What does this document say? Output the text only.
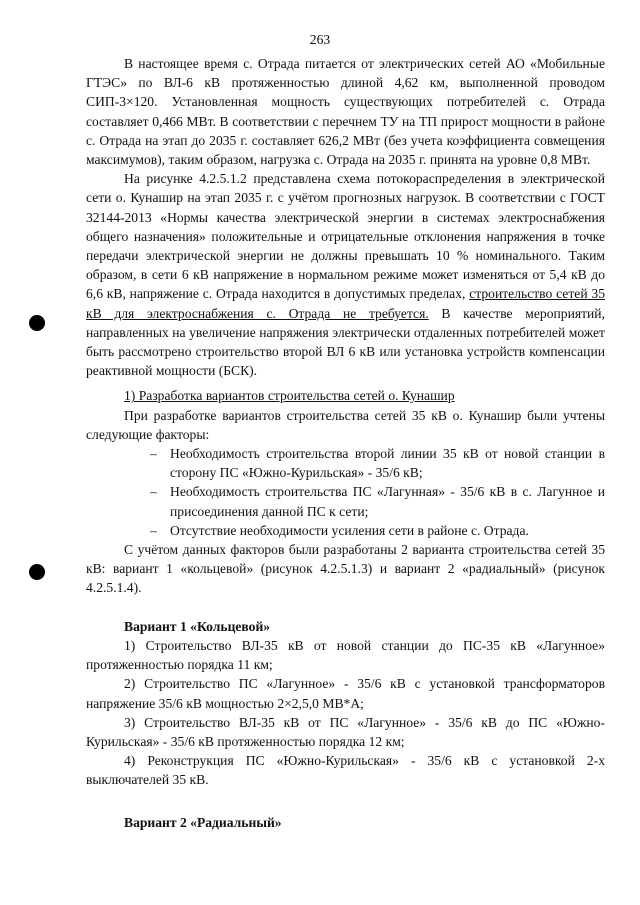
263

В настоящее время с. Отрада питается от электрических сетей АО «Мобильные ГТЭС» по ВЛ-6 кВ протяженностью длиной 4,62 км, выполненной проводом СИП-3×120. Установленная мощность существующих потребителей с. Отрада составляет 0,466 МВт. В соответствии с перечнем ТУ на ТП прирост мощности в районе с. Отрада на этап до 2035 г. составляет 626,2 МВт (без учета коэффициента совмещения максимумов), таким образом, нагрузка с. Отрада на 2035 г. принята на уровне 0,8 МВт.

На рисунке 4.2.5.1.2 представлена схема потокораспределения в электрической сети о. Кунашир на этап 2035 г. с учётом прогнозных нагрузок. В соответствии с ГОСТ 32144-2013 «Нормы качества электрической энергии в системах электроснабжения общего назначения» положительные и отрицательные отклонения напряжения в точке передачи электрической энергии не должны превышать 10 % номинального. Таким образом, в сети 6 кВ напряжение в нормальном режиме может изменяться от 5,4 кВ до 6,6 кВ, напряжение с. Отрада находится в допустимых пределах, строительство сетей 35 кВ для электроснабжения с. Отрада не требуется. В качестве мероприятий, направленных на увеличение напряжения электрически отдаленных потребителей может быть рассмотрено строительство второй ВЛ 6 кВ или установка устройств компенсации реактивной мощности (БСК).

1) Разработка вариантов строительства сетей о. Кунашир

При разработке вариантов строительства сетей 35 кВ о. Кунашир были учтены следующие факторы:

– Необходимость строительства второй линии 35 кВ от новой станции в сторону ПС «Южно-Курильская» - 35/6 кВ;
– Необходимость строительства ПС «Лагунная» - 35/6 кВ в с. Лагунное и присоединения данной ПС к сети;
– Отсутствие необходимости усиления сети в районе с. Отрада.

С учётом данных факторов были разработаны 2 варианта строительства сетей 35 кВ: вариант 1 «кольцевой» (рисунок 4.2.5.1.3) и вариант 2 «радиальный» (рисунок 4.2.5.1.4).

Вариант 1 «Кольцевой»

1) Строительство ВЛ-35 кВ от новой станции до ПС-35 кВ «Лагунное» протяженностью порядка 11 км;

2) Строительство ПС «Лагунное» - 35/6 кВ с установкой трансформаторов напряжение 35/6 кВ мощностью 2×2,5,0 МВ*А;

3) Строительство ВЛ-35 кВ от ПС «Лагунное» - 35/6 кВ до ПС «Южно-Курильская» - 35/6 кВ протяженностью порядка 12 км;

4) Реконструкция ПС «Южно-Курильская» - 35/6 кВ с установкой 2-х выключателей 35 кВ.

Вариант 2 «Радиальный»
